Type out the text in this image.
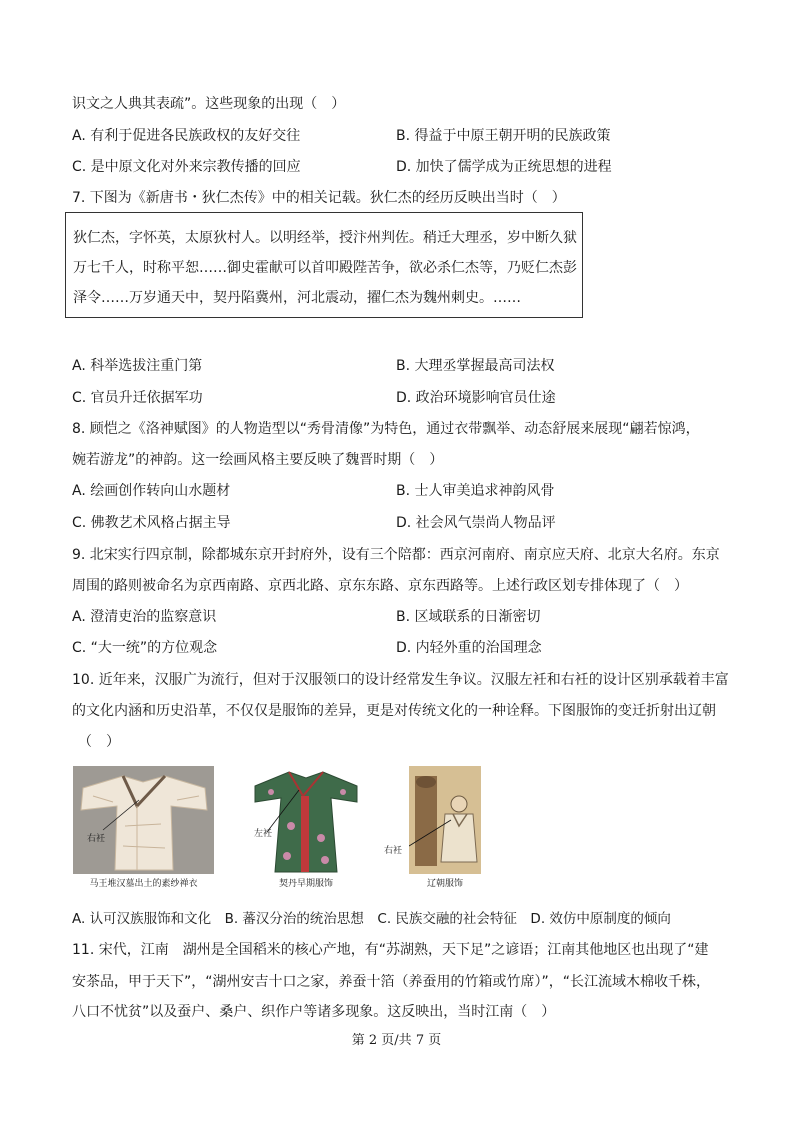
识文之人典其表疏”。这些现象的出现（　）
A. 有利于促进各民族政权的友好交往	B. 得益于中原王朝开明的民族政策
C. 是中原文化对外来宗教传播的回应	D. 加快了儒学成为正统思想的进程
7. 下图为《新唐书・狄仁杰传》中的相关记载。狄仁杰的经历反映出当时（　）
狄仁杰，字怀英，太原狄村人。以明经举，授汴州判佐。稍迁大理丞，岁中断久狱
万七千人，时称平恕……御史霍献可以首叩殿陛苦争，欲必杀仁杰等，乃贬仁杰彭
泽令……万岁通天中，契丹陷冀州，河北震动，擢仁杰为魏州刺史。……
A. 科举选拔注重门第	B. 大理丞掌握最高司法权
C. 官员升迁依据军功	D. 政治环境影响官员仕途
8. 顾恺之《洛神赋图》的人物造型以“秀骨清像”为特色，通过衣带飘举、动态舒展来展现“翩若惊鸿，
婉若游龙”的神韵。这一绘画风格主要反映了魏晋时期（　）
A. 绘画创作转向山水题材	B. 士人审美追求神韵风骨
C. 佛教艺术风格占据主导	D. 社会风气崇尚人物品评
9. 北宋实行四京制，除都城东京开封府外，设有三个陪都：西京河南府、南京应天府、北京大名府。东京
周围的路则被命名为京西南路、京西北路、京东东路、京东西路等。上述行政区划专排体现了（　）
A. 澄清吏治的监察意识	B. 区域联系的日渐密切
C. “大一统”的方位观念	D. 内轻外重的治国理念
10. 近年来，汉服广为流行，但对于汉服领口的设计经常发生争议。汉服左衽和右衽的设计区别承载着丰富
的文化内涵和历史沿革，不仅仅是服饰的差异，更是对传统文化的一种诠释。下图服饰的变迁折射出辽朝
（　）
右衽
马王堆汉墓出土的素纱禅衣
左衽
契丹早期服饰
右衽
辽朝服饰
A. 认可汉族服饰和文化　B. 蕃汉分治的统治思想　C. 民族交融的社会特征　D. 效仿中原制度的倾向
11. 宋代，江南　湖州是全国稻米的核心产地，有“苏湖熟，天下足”之谚语；江南其他地区也出现了“建
安茶品，甲于天下”，“湖州安吉十口之家，养蚕十箔（养蚕用的竹箱或竹席）”，“长江流域木棉收千株，
八口不忧贫”以及蚕户、桑户、织作户等诸多现象。这反映出，当时江南（　）
第 2 页/共 7 页
